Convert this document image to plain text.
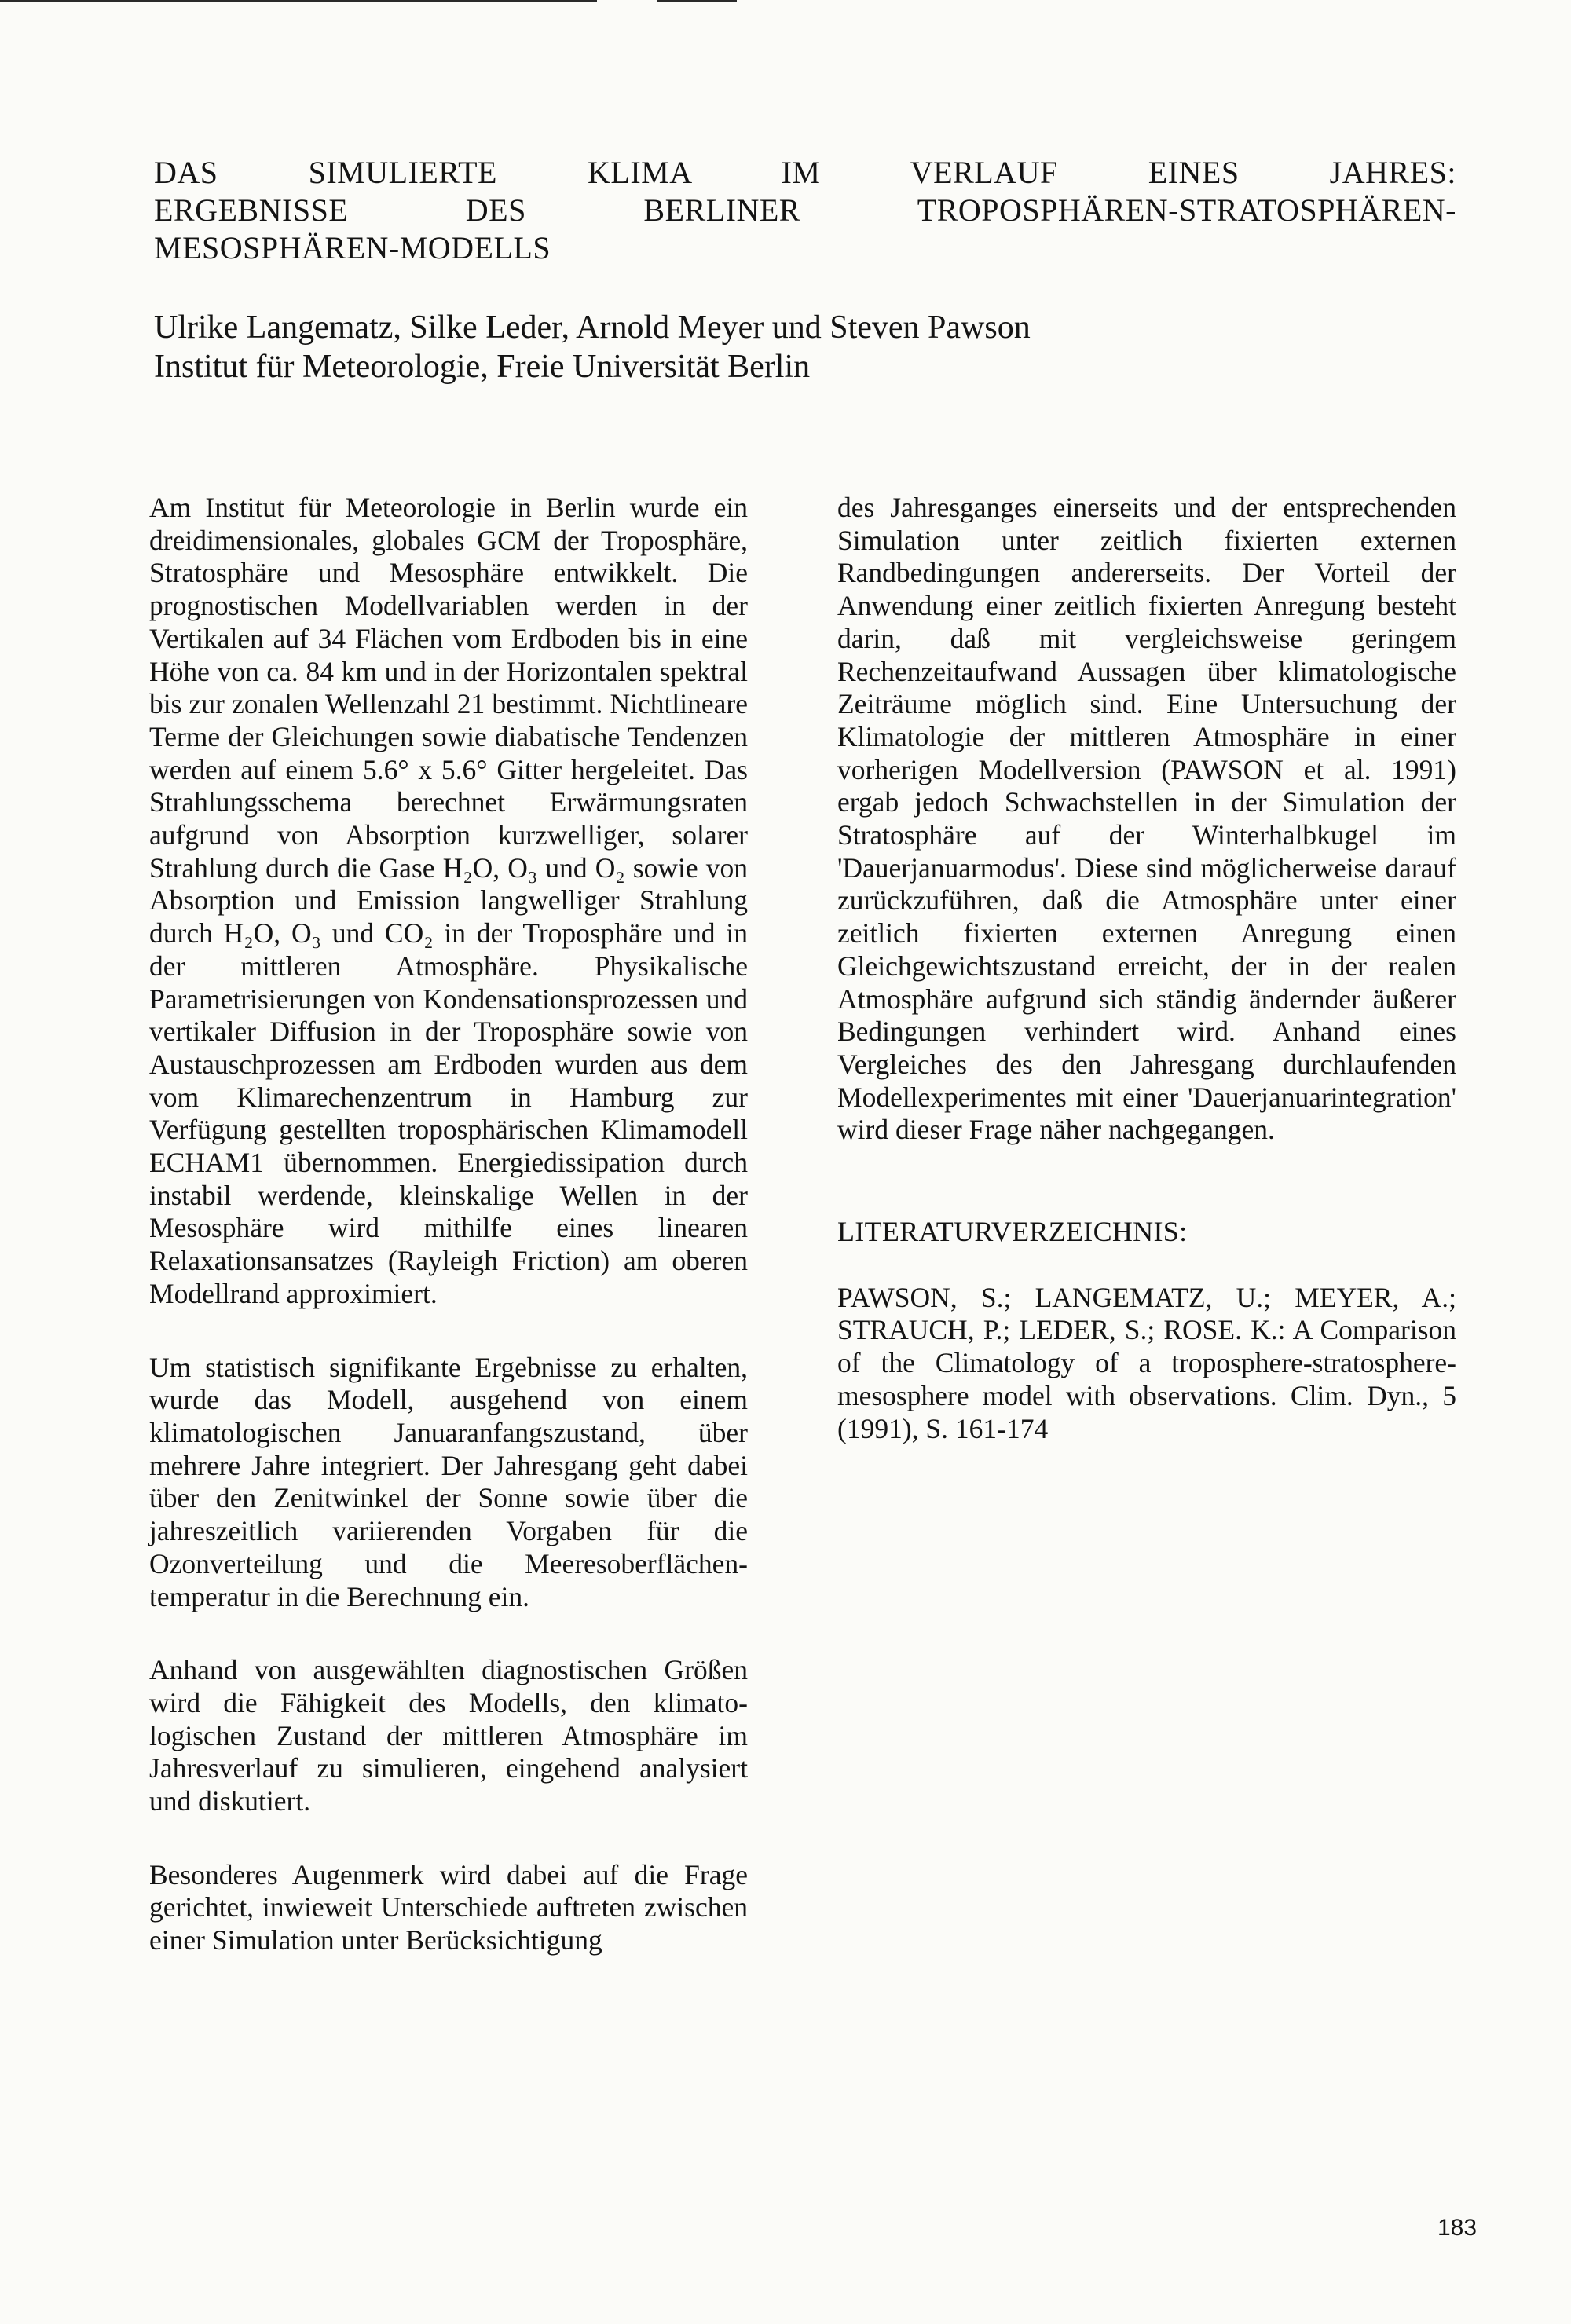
DAS SIMULIERTE KLIMA IM VERLAUF EINES JAHRES:
ERGEBNISSE DES BERLINER TROPOSPHÄREN-STRATOSPHÄREN-
MESOSPHÄREN-MODELLS
Ulrike Langematz, Silke Leder, Arnold Meyer und Steven Pawson
Institut für Meteorologie, Freie Universität Berlin

Am Institut für Meteorologie in Berlin wurde ein dreidimensionales, globales GCM der Troposphäre, Stratosphäre und Mesosphäre entwikkelt. Die prognostischen Modellvariablen werden in der Vertikalen auf 34 Flächen vom Erdboden bis in eine Höhe von ca. 84 km und in der Horizontalen spektral bis zur zonalen Wellenzahl 21 bestimmt. Nichtlineare Terme der Gleichungen sowie diabatische Tendenzen werden auf einem 5.6° x 5.6° Gitter hergeleitet. Das Strahlungsschema berechnet Erwärmungsraten aufgrund von Absorption kurzwelliger, solarer Strahlung durch die Gase H₂O, O₃ und O₂ sowie von Absorption und Emission langwelliger Strahlung durch H₂O, O₃ und CO₂ in der Troposphäre und in der mittleren Atmosphäre. Physikalische Parametrisierungen von Kondensationsprozessen und vertikaler Diffusion in der Troposphäre sowie von Austauschprozessen am Erdboden wurden aus dem vom Klimarechenzentrum in Hamburg zur Verfügung gestellten troposphärischen Klimamodell ECHAM1 übernommen. Energiedissipation durch instabil werdende, kleinskalige Wellen in der Mesosphäre wird mithilfe eines linearen Relaxationsansatzes (Rayleigh Friction) am oberen Modellrand approximiert.

Um statistisch signifikante Ergebnisse zu erhalten, wurde das Modell, ausgehend von einem klimatologischen Januaranfangszustand, über mehrere Jahre integriert. Der Jahresgang geht dabei über den Zenitwinkel der Sonne sowie über die jahreszeitlich variierenden Vorgaben für die Ozonverteilung und die Meeresoberflächentemperatur in die Berechnung ein.

Anhand von ausgewählten diagnostischen Größen wird die Fähigkeit des Modells, den klimatologischen Zustand der mittleren Atmosphäre im Jahresverlauf zu simulieren, eingehend analysiert und diskutiert.

Besonderes Augenmerk wird dabei auf die Frage gerichtet, inwieweit Unterschiede auftreten zwischen einer Simulation unter Berücksichtigung

des Jahresganges einerseits und der entsprechenden Simulation unter zeitlich fixierten externen Randbedingungen andererseits. Der Vorteil der Anwendung einer zeitlich fixierten Anregung besteht darin, daß mit vergleichsweise geringem Rechenzeitaufwand Aussagen über klimatologische Zeiträume möglich sind. Eine Untersuchung der Klimatologie der mittleren Atmosphäre in einer vorherigen Modellversion (PAWSON et al. 1991) ergab jedoch Schwachstellen in der Simulation der Stratosphäre auf der Winterhalbkugel im 'Dauerjanuarmodus'. Diese sind möglicherweise darauf zurückzuführen, daß die Atmosphäre unter einer zeitlich fixierten externen Anregung einen Gleichgewichtszustand erreicht, der in der realen Atmosphäre aufgrund sich ständig ändernder äußerer Bedingungen verhindert wird. Anhand eines Vergleiches des den Jahresgang durchlaufenden Modellexperimentes mit einer 'Dauerjanuarintegration' wird dieser Frage näher nachgegangen.

LITERATURVERZEICHNIS:

PAWSON, S.; LANGEMATZ, U.; MEYER, A.; STRAUCH, P.; LEDER, S.; ROSE. K.: A Comparison of the Climatology of a troposphere-stratosphere-mesosphere model with observations. Clim. Dyn., 5 (1991), S. 161-174

183
